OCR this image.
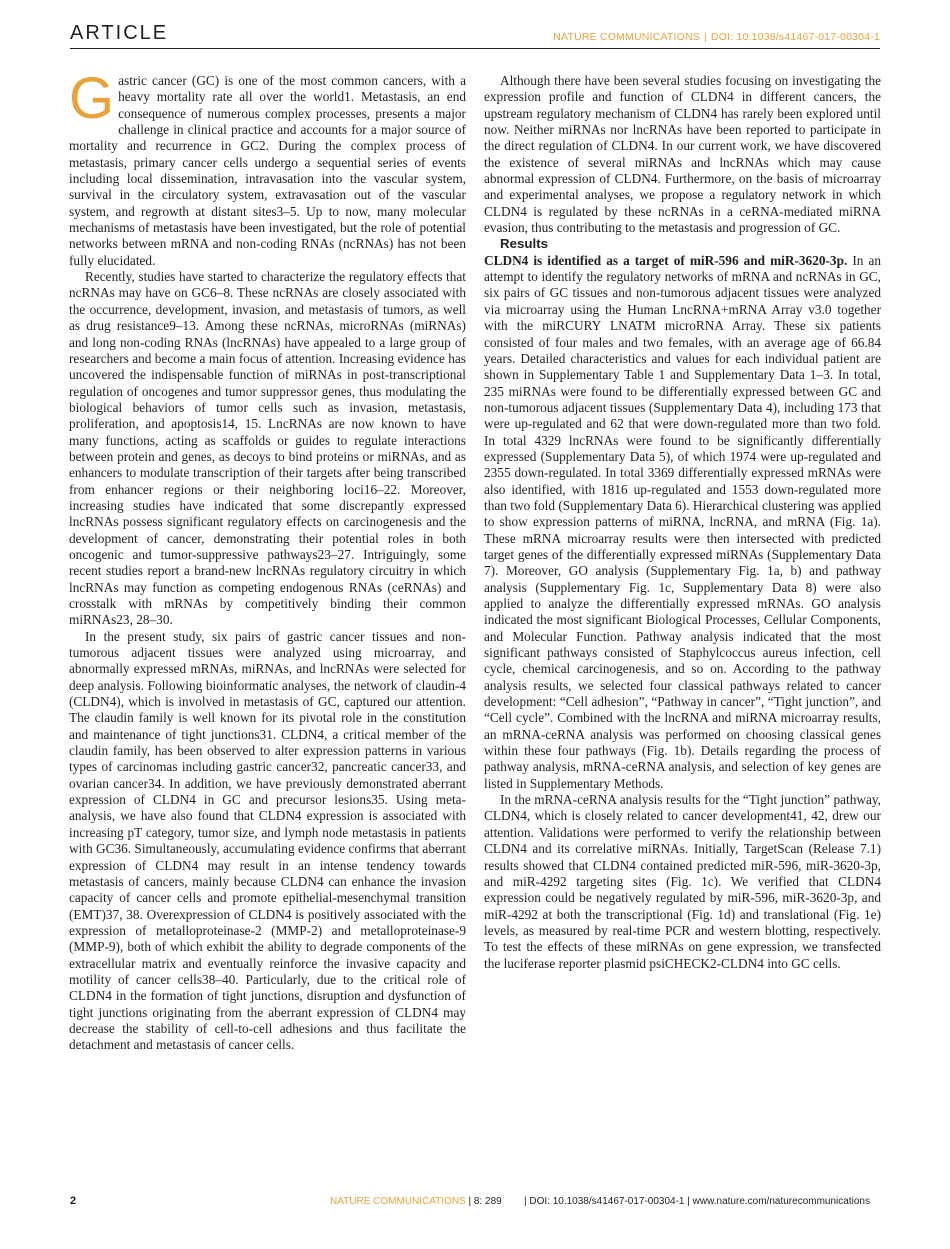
ARTICLE	NATURE COMMUNICATIONS | DOI: 10.1038/s41467-017-00304-1

Gastric cancer (GC) is one of the most common cancers, with a heavy mortality rate all over the world1. Metastasis, an end consequence of numerous complex processes, presents a major challenge in clinical practice and accounts for a major source of mortality and recurrence in GC2. During the complex process of metastasis, primary cancer cells undergo a sequential series of events including local dissemination, intravasation into the vascular system, survival in the circulatory system, extravasation out of the vascular system, and regrowth at distant sites3–5. Up to now, many molecular mechanisms of metastasis have been investigated, but the role of potential networks between mRNA and non-coding RNAs (ncRNAs) has not been fully elucidated.

Recently, studies have started to characterize the regulatory effects that ncRNAs may have on GC6–8. These ncRNAs are closely associated with the occurrence, development, invasion, and metastasis of tumors, as well as drug resistance9–13. Among these ncRNAs, microRNAs (miRNAs) and long non-coding RNAs (lncRNAs) have appealed to a large group of researchers and become a main focus of attention. Increasing evidence has uncovered the indispensable function of miRNAs in post-transcriptional regulation of oncogenes and tumor suppressor genes, thus modulating the biological behaviors of tumor cells such as invasion, metastasis, proliferation, and apoptosis14, 15. LncRNAs are now known to have many functions, acting as scaffolds or guides to regulate interactions between protein and genes, as decoys to bind proteins or miRNAs, and as enhancers to modulate transcription of their targets after being transcribed from enhancer regions or their neighboring loci16–22. Moreover, increasing studies have indicated that some discrepantly expressed lncRNAs possess significant regulatory effects on carcinogenesis and the development of cancer, demonstrating their potential roles in both oncogenic and tumor-suppressive pathways23–27. Intriguingly, some recent studies report a brand-new lncRNAs regulatory circuitry in which lncRNAs may function as competing endogenous RNAs (ceRNAs) and crosstalk with mRNAs by competitively binding their common miRNAs23, 28–30.

In the present study, six pairs of gastric cancer tissues and non-tumorous adjacent tissues were analyzed using microarray, and abnormally expressed mRNAs, miRNAs, and lncRNAs were selected for deep analysis. Following bioinformatic analyses, the network of claudin-4 (CLDN4), which is involved in metastasis of GC, captured our attention. The claudin family is well known for its pivotal role in the constitution and maintenance of tight junctions31. CLDN4, a critical member of the claudin family, has been observed to alter expression patterns in various types of carcinomas including gastric cancer32, pancreatic cancer33, and ovarian cancer34. In addition, we have previously demonstrated aberrant expression of CLDN4 in GC and precursor lesions35. Using meta-analysis, we have also found that CLDN4 expression is associated with increasing pT category, tumor size, and lymph node metastasis in patients with GC36. Simultaneously, accumulating evidence confirms that aberrant expression of CLDN4 may result in an intense tendency towards metastasis of cancers, mainly because CLDN4 can enhance the invasion capacity of cancer cells and promote epithelial-mesenchymal transition (EMT)37, 38. Overexpression of CLDN4 is positively associated with the expression of metalloproteinase-2 (MMP-2) and metalloproteinase-9 (MMP-9), both of which exhibit the ability to degrade components of the extracellular matrix and eventually reinforce the invasive capacity and motility of cancer cells38–40. Particularly, due to the critical role of CLDN4 in the formation of tight junctions, disruption and dysfunction of tight junctions originating from the aberrant expression of CLDN4 may decrease the stability of cell-to-cell adhesions and thus facilitate the detachment and metastasis of cancer cells.

Although there have been several studies focusing on investigating the expression profile and function of CLDN4 in different cancers, the upstream regulatory mechanism of CLDN4 has rarely been explored until now. Neither miRNAs nor lncRNAs have been reported to participate in the direct regulation of CLDN4. In our current work, we have discovered the existence of several miRNAs and lncRNAs which may cause abnormal expression of CLDN4. Furthermore, on the basis of microarray and experimental analyses, we propose a regulatory network in which CLDN4 is regulated by these ncRNAs in a ceRNA-mediated miRNA evasion, thus contributing to the metastasis and progression of GC.

Results

CLDN4 is identified as a target of miR-596 and miR-3620-3p. In an attempt to identify the regulatory networks of mRNA and ncRNAs in GC, six pairs of GC tissues and non-tumorous adjacent tissues were analyzed via microarray using the Human LncRNA+mRNA Array v3.0 together with the miRCURY LNATM microRNA Array. These six patients consisted of four males and two females, with an average age of 66.84 years. Detailed characteristics and values for each individual patient are shown in Supplementary Table 1 and Supplementary Data 1–3. In total, 235 miRNAs were found to be differentially expressed between GC and non-tumorous adjacent tissues (Supplementary Data 4), including 173 that were up-regulated and 62 that were down-regulated more than two fold. In total 4329 lncRNAs were found to be significantly differentially expressed (Supplementary Data 5), of which 1974 were up-regulated and 2355 down-regulated. In total 3369 differentially expressed mRNAs were also identified, with 1816 up-regulated and 1553 down-regulated more than two fold (Supplementary Data 6). Hierarchical clustering was applied to show expression patterns of miRNA, lncRNA, and mRNA (Fig. 1a). These mRNA microarray results were then intersected with predicted target genes of the differentially expressed miRNAs (Supplementary Data 7). Moreover, GO analysis (Supplementary Fig. 1a, b) and pathway analysis (Supplementary Fig. 1c, Supplementary Data 8) were also applied to analyze the differentially expressed mRNAs. GO analysis indicated the most significant Biological Processes, Cellular Components, and Molecular Function. Pathway analysis indicated that the most significant pathways consisted of Staphylcoccus aureus infection, cell cycle, chemical carcinogenesis, and so on. According to the pathway analysis results, we selected four classical pathways related to cancer development: “Cell adhesion”, “Pathway in cancer”, “Tight junction”, and “Cell cycle”. Combined with the lncRNA and miRNA microarray results, an mRNA-ceRNA analysis was performed on choosing classical genes within these four pathways (Fig. 1b). Details regarding the process of pathway analysis, mRNA-ceRNA analysis, and selection of key genes are listed in Supplementary Methods.

In the mRNA-ceRNA analysis results for the “Tight junction” pathway, CLDN4, which is closely related to cancer development41, 42, drew our attention. Validations were performed to verify the relationship between CLDN4 and its correlative miRNAs. Initially, TargetScan (Release 7.1) results showed that CLDN4 contained predicted miR-596, miR-3620-3p, and miR-4292 targeting sites (Fig. 1c). We verified that CLDN4 expression could be negatively regulated by miR-596, miR-3620-3p, and miR-4292 at both the transcriptional (Fig. 1d) and translational (Fig. 1e) levels, as measured by real-time PCR and western blotting, respectively. To test the effects of these miRNAs on gene expression, we transfected the luciferase reporter plasmid psiCHECK2-CLDN4 into GC cells.

2	NATURE COMMUNICATIONS | 8: 289 | DOI: 10.1038/s41467-017-00304-1 | www.nature.com/naturecommunications
